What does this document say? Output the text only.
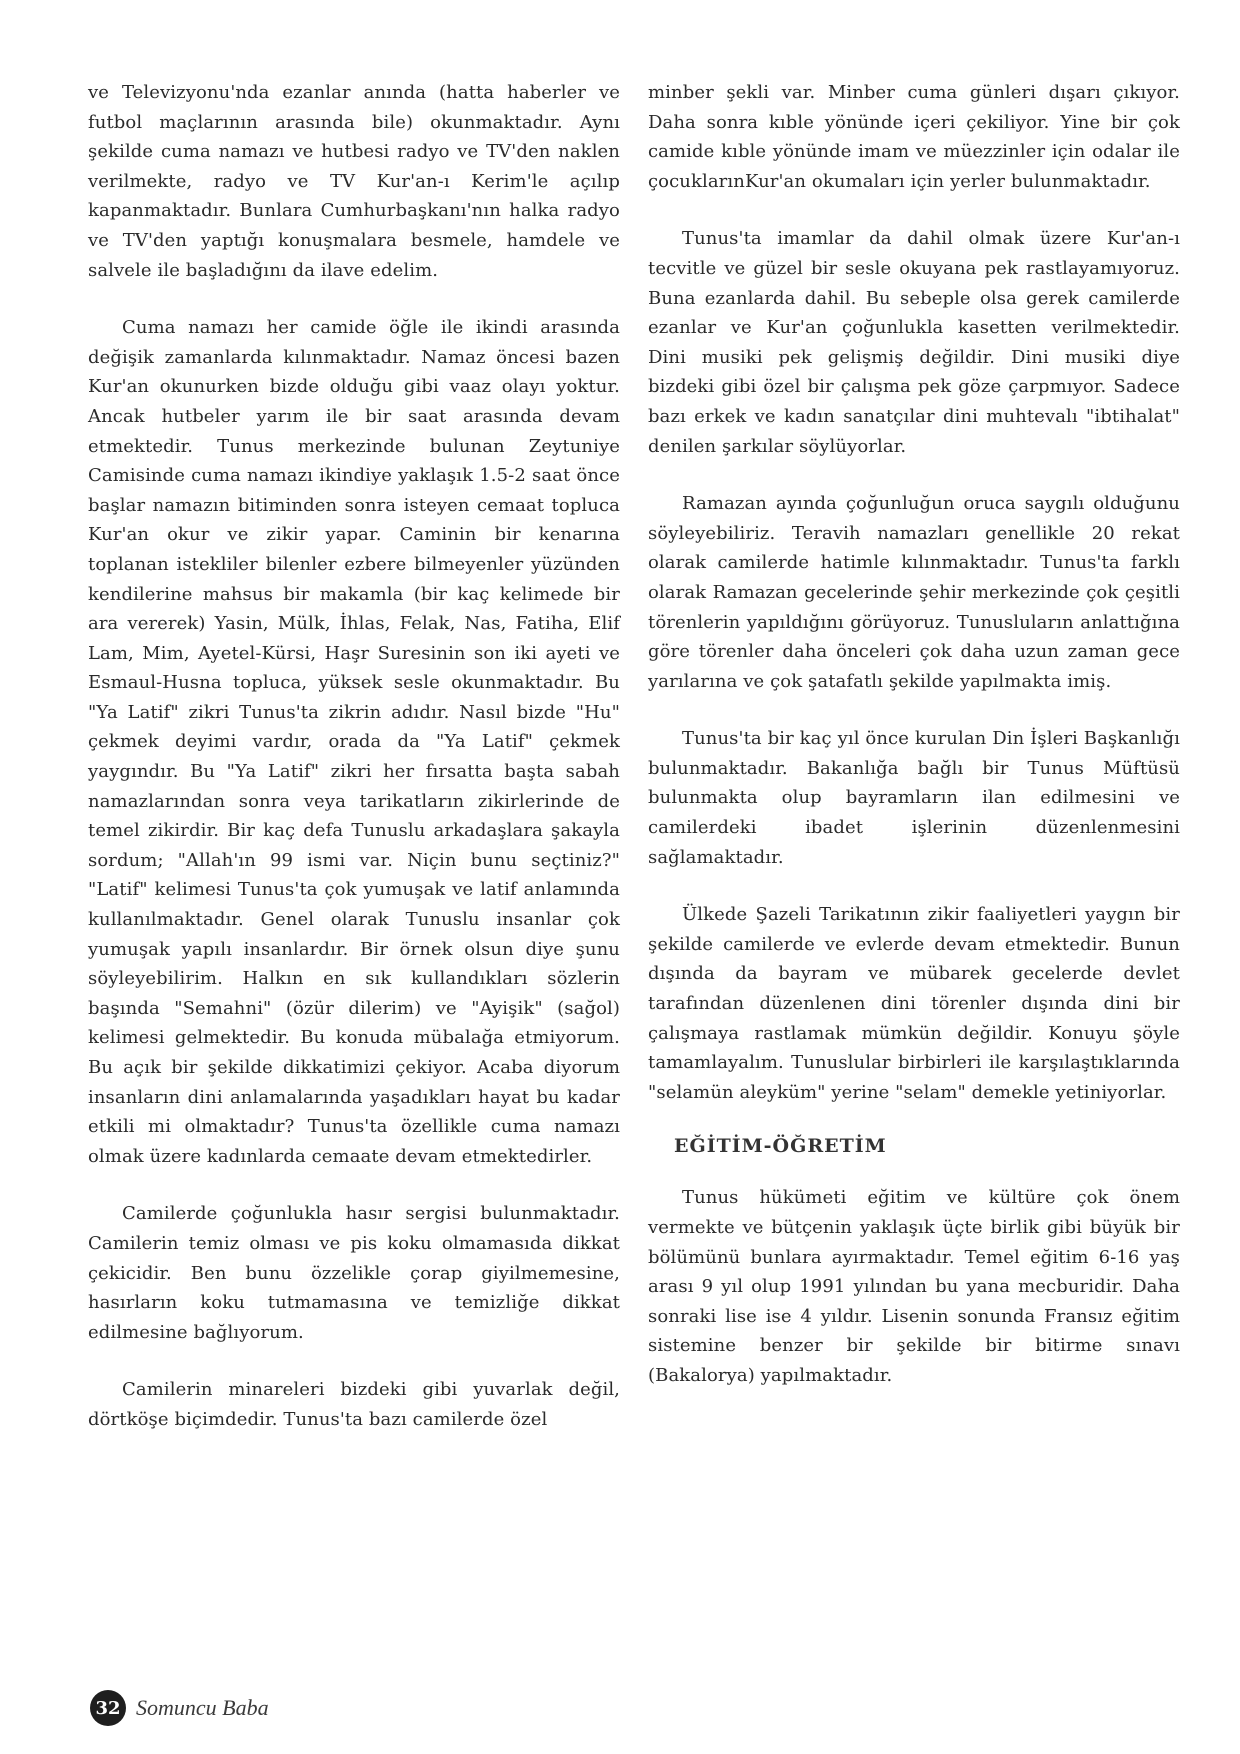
ve Televizyonu'nda ezanlar anında (hatta haberler ve futbol maçlarının arasında bile) okunmaktadır. Aynı şekilde cuma namazı ve hutbesi radyo ve TV'den naklen verilmekte, radyo ve TV Kur'an-ı Kerim'le açılıp kapanmaktadır. Bunlara Cumhurbaşkanı'nın halka radyo ve TV'den yaptığı konuşmalara besmele, hamdele ve salvele ile başladığını da ilave edelim.

Cuma namazı her camide öğle ile ikindi arasında değişik zamanlarda kılınmaktadır. Namaz öncesi bazen Kur'an okunurken bizde olduğu gibi vaaz olayı yoktur. Ancak hutbeler yarım ile bir saat arasında devam etmektedir. Tunus merkezinde bulunan Zeytuniye Camisinde cuma namazı ikindiye yaklaşık 1.5-2 saat önce başlar namazın bitiminden sonra isteyen cemaat topluca Kur'an okur ve zikir yapar. Caminin bir kenarına toplanan istekliler bilenler ezbere bilmeyenler yüzünden kendilerine mahsus bir makamla (bir kaç kelimede bir ara vererek) Yasin, Mülk, İhlas, Felak, Nas, Fatiha, Elif Lam, Mim, Ayetel-Kürsi, Haşr Suresinin son iki ayeti ve Esmaul-Husna topluca, yüksek sesle okunmaktadır. Bu "Ya Latif" zikri Tunus'ta zikrin adıdır. Nasıl bizde "Hu" çekmek deyimi vardır, orada da "Ya Latif" çekmek yaygındır. Bu "Ya Latif" zikri her fırsatta başta sabah namazlarından sonra veya tarikatların zikirlerinde de temel zikirdir. Bir kaç defa Tunuslu arkadaşlara şakayla sordum; "Allah'ın 99 ismi var. Niçin bunu seçtiniz?" "Latif" kelimesi Tunus'ta çok yumuşak ve latif anlamında kullanılmaktadır. Genel olarak Tunuslu insanlar çok yumuşak yapılı insanlardır. Bir örnek olsun diye şunu söyleyebilirim. Halkın en sık kullandıkları sözlerin başında "Semahni" (özür dilerim) ve "Ayişik" (sağol) kelimesi gelmektedir. Bu konuda mübalağa etmiyorum. Bu açık bir şekilde dikkatimizi çekiyor. Acaba diyorum insanların dini anlamalarında yaşadıkları hayat bu kadar etkili mi olmaktadır? Tunus'ta özellikle cuma namazı olmak üzere kadınlarda cemaate devam etmektedirler.

Camilerde çoğunlukla hasır sergisi bulunmaktadır. Camilerin temiz olması ve pis koku olmamasıda dikkat çekicidir. Ben bunu özzelikle çorap giyilmemesine, hasırların koku tutmamasına ve temizliğe dikkat edilmesine bağlıyorum.

Camilerin minareleri bizdeki gibi yuvarlak değil, dörtköşe biçimdedir. Tunus'ta bazı camilerde özel

minber şekli var. Minber cuma günleri dışarı çıkıyor. Daha sonra kıble yönünde içeri çekiliyor. Yine bir çok camide kıble yönünde imam ve müezzinler için odalar ile çocuklarınKur'an okumaları için yerler bulunmaktadır.

Tunus'ta imamlar da dahil olmak üzere Kur'an-ı tecvitle ve güzel bir sesle okuyana pek rastlayamıyoruz. Buna ezanlarda dahil. Bu sebeple olsa gerek camilerde ezanlar ve Kur'an çoğunlukla kasetten verilmektedir. Dini musiki pek gelişmiş değildir. Dini musiki diye bizdeki gibi özel bir çalışma pek göze çarpmıyor. Sadece bazı erkek ve kadın sanatçılar dini muhtevalı "ibtihalat" denilen şarkılar söylüyorlar.

Ramazan ayında çoğunluğun oruca saygılı olduğunu söyleyebiliriz. Teravih namazları genellikle 20 rekat olarak camilerde hatimle kılınmaktadır. Tunus'ta farklı olarak Ramazan gecelerinde şehir merkezinde çok çeşitli törenlerin yapıldığını görüyoruz. Tunusluların anlattığına göre törenler daha önceleri çok daha uzun zaman gece yarılarına ve çok şatafatlı şekilde yapılmakta imiş.

Tunus'ta bir kaç yıl önce kurulan Din İşleri Başkanlığı bulunmaktadır. Bakanlığa bağlı bir Tunus Müftüsü bulunmakta olup bayramların ilan edilmesini ve camilerdeki ibadet işlerinin düzenlenmesini sağlamaktadır.

Ülkede Şazeli Tarikatının zikir faaliyetleri yaygın bir şekilde camilerde ve evlerde devam etmektedir. Bunun dışında da bayram ve mübarek gecelerde devlet tarafından düzenlenen dini törenler dışında dini bir çalışmaya rastlamak mümkün değildir. Konuyu şöyle tamamlayalım. Tunuslular birbirleri ile karşılaştıklarında "selamün aleyküm" yerine "selam" demekle yetiniyorlar.

EĞİTİM-ÖĞRETİM

Tunus hükümeti eğitim ve kültüre çok önem vermekte ve bütçenin yaklaşık üçte birlik gibi büyük bir bölümünü bunlara ayırmaktadır. Temel eğitim 6-16 yaş arası 9 yıl olup 1991 yılından bu yana mecburidir. Daha sonraki lise ise 4 yıldır. Lisenin sonunda Fransız eğitim sistemine benzer bir şekilde bir bitirme sınavı (Bakalorya) yapılmaktadır.

32 Somuncu Baba
